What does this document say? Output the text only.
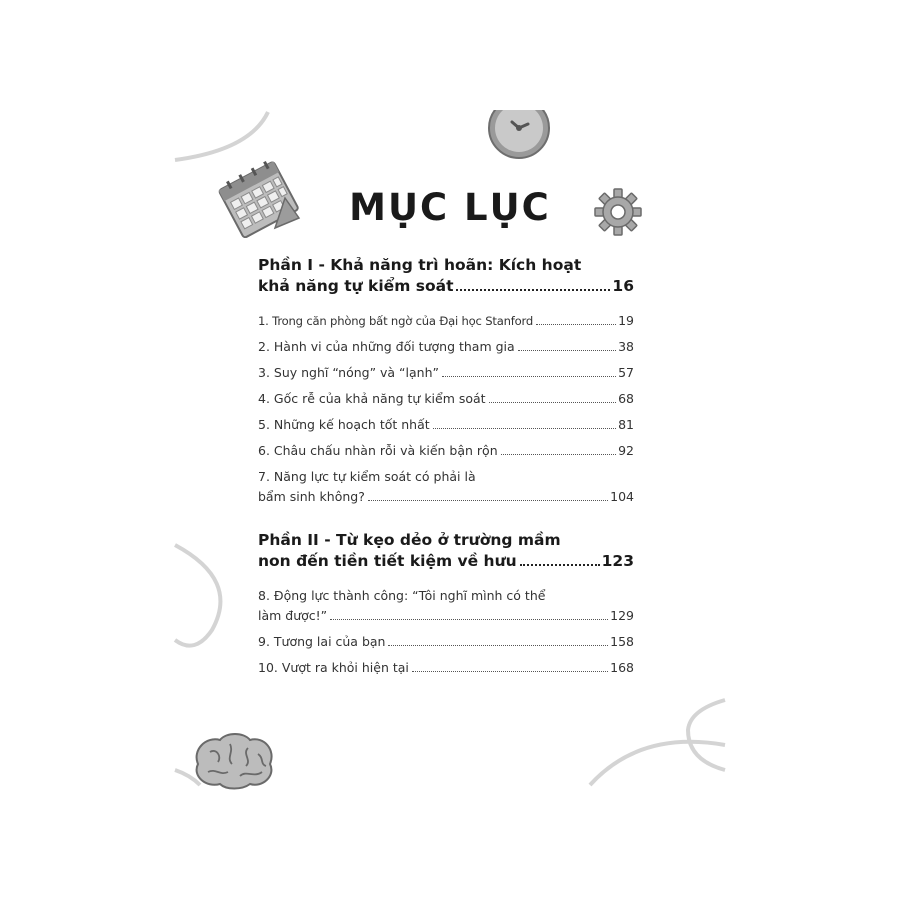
MỤC LỤC
Phần I - Khả năng trì hoãn: Kích hoạt
khả năng tự kiểm soát	16
1. Trong căn phòng bất ngờ của Đại học Stanford	19
2. Hành vi của những đối tượng tham gia	38
3. Suy nghĩ “nóng” và “lạnh”	57
4. Gốc rễ của khả năng tự kiểm soát	68
5. Những kế hoạch tốt nhất	81
6. Châu chấu nhàn rỗi và kiến bận rộn	92
7. Năng lực tự kiểm soát có phải là
bẩm sinh không?	104
Phần II - Từ kẹo dẻo ở trường mầm
non đến tiền tiết kiệm về hưu	123
8. Động lực thành công: “Tôi nghĩ mình có thể
làm được!”	129
9. Tương lai của bạn	158
10. Vượt ra khỏi hiện tại	168
